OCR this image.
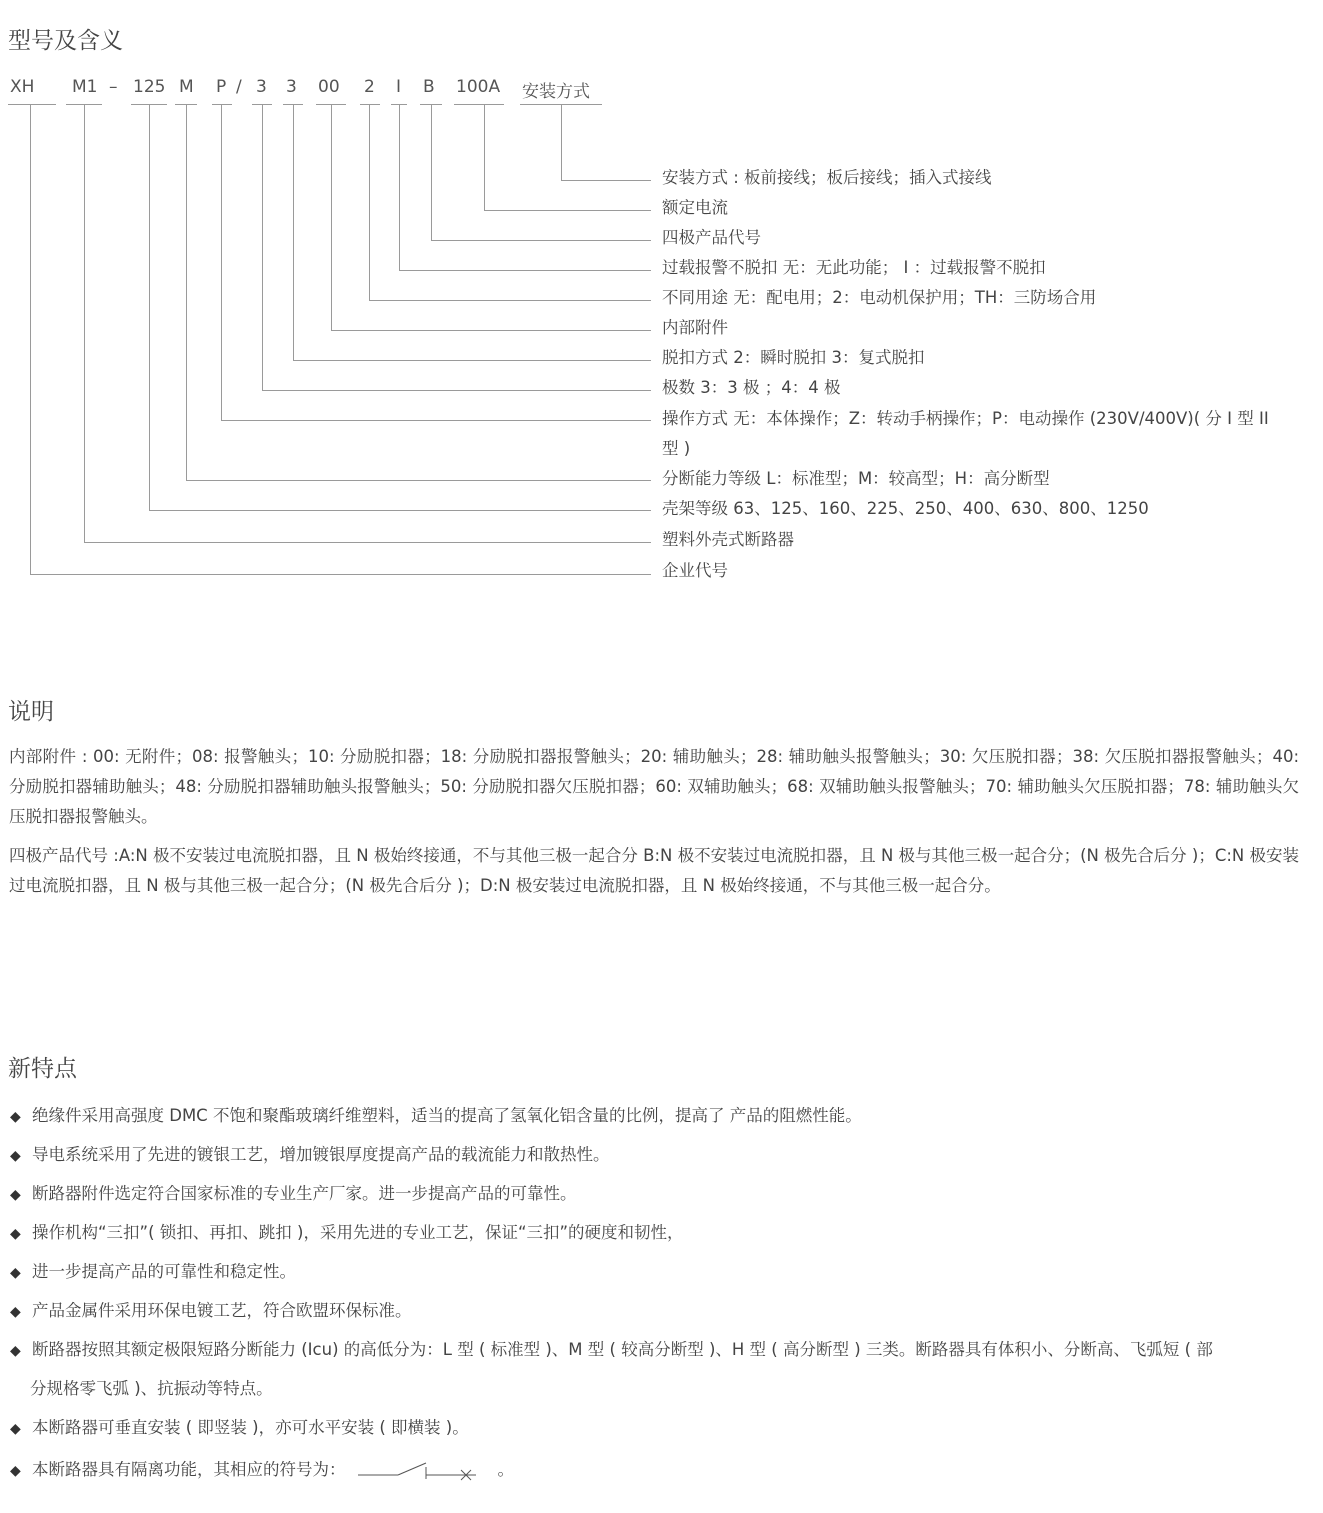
型号及含义
说明
新特点
XH M1 – 125 M P / 3 3 00 2 I B 100A 安装方式
安装方式 : 板前接线；板后接线；插入式接线
额定电流
四极产品代号
过载报警不脱扣 无：无此功能； I ：过载报警不脱扣
不同用途 无：配电用；2：电动机保护用；TH：三防场合用
内部附件
脱扣方式 2：瞬时脱扣 3：复式脱扣
极数 3：3 极 ；4：4 极
操作方式 无：本体操作；Z：转动手柄操作；P：电动操作 (230V/400V)( 分 I 型 II 型 )
分断能力等级 L：标准型；M：较高型；H：高分断型
壳架等级 63、125、160、225、250、400、630、800、1250
塑料外壳式断路器
企业代号

内部附件 : 00: 无附件；08: 报警触头；10: 分励脱扣器；18: 分励脱扣器报警触头；20: 辅助触头；28: 辅助触头报警触头；30: 欠压脱扣器；38: 欠压脱扣器报警触头；40: 分励脱扣器辅助触头；48: 分励脱扣器辅助触头报警触头；50: 分励脱扣器欠压脱扣器；60: 双辅助触头；68: 双辅助触头报警触头；70: 辅助触头欠压脱扣器；78: 辅助触头欠压脱扣器报警触头。

四极产品代号 :A:N 极不安装过电流脱扣器，且 N 极始终接通，不与其他三极一起合分 B:N 极不安装过电流脱扣器，且 N 极与其他三极一起合分；(N 极先合后分 )；C:N 极安装过电流脱扣器，且 N 极与其他三极一起合分；(N 极先合后分 )；D:N 极安装过电流脱扣器，且 N 极始终接通，不与其他三极一起合分。

◆ 绝缘件采用高强度 DMC 不饱和聚酯玻璃纤维塑料，适当的提高了氢氧化铝含量的比例，提高了 产品的阻燃性能。
◆ 导电系统采用了先进的镀银工艺，增加镀银厚度提高产品的载流能力和散热性。
◆ 断路器附件选定符合国家标准的专业生产厂家。进一步提高产品的可靠性。
◆ 操作机构“三扣”( 锁扣、再扣、跳扣 )，采用先进的专业工艺，保证“三扣”的硬度和韧性，
◆ 进一步提高产品的可靠性和稳定性。
◆ 产品金属件采用环保电镀工艺，符合欧盟环保标准。
◆ 断路器按照其额定极限短路分断能力 (Icu) 的高低分为：L 型 ( 标准型 )、M 型 ( 较高分断型 )、H 型 ( 高分断型 ) 三类。断路器具有体积小、分断高、飞弧短 ( 部
分规格零飞弧 )、抗振动等特点。
◆ 本断路器可垂直安装 ( 即竖装 )，亦可水平安装 ( 即横装 )。
◆ 本断路器具有隔离功能，其相应的符号为：	。
